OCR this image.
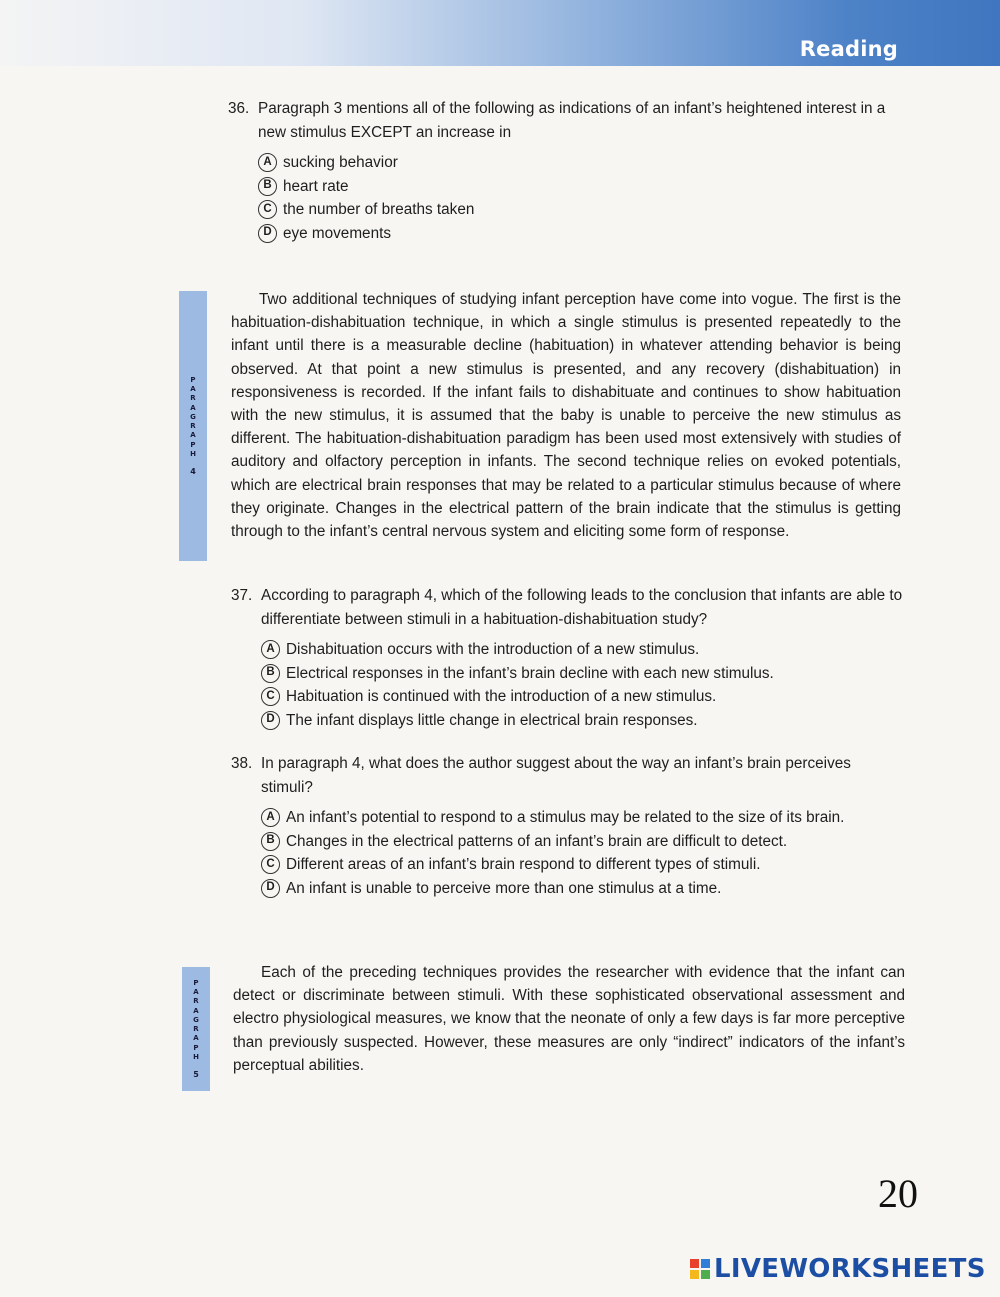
Reading
36. Paragraph 3 mentions all of the following as indications of an infant’s heightened interest in a new stimulus EXCEPT an increase in
A sucking behavior
B heart rate
C the number of breaths taken
D eye movements
P
A
R
A
G
R
A
P
H
4

Two additional techniques of studying infant perception have come into vogue. The first is the habituation-dishabituation technique, in which a single stimulus is presented repeatedly to the infant until there is a measurable decline (habituation) in whatever attending behavior is being observed. At that point a new stimulus is presented, and any recovery (dishabituation) in responsiveness is recorded. If the infant fails to dishabituate and continues to show habituation with the new stimulus, it is assumed that the baby is unable to perceive the new stimulus as different. The habituation-dishabituation paradigm has been used most extensively with studies of auditory and olfactory perception in infants. The second technique relies on evoked potentials, which are electrical brain responses that may be related to a particular stimulus because of where they originate. Changes in the electrical pattern of the brain indicate that the stimulus is getting through to the infant’s central nervous system and eliciting some form of response.

37. According to paragraph 4, which of the following leads to the conclusion that infants are able to differentiate between stimuli in a habituation-dishabituation study?
A Dishabituation occurs with the introduction of a new stimulus.
B Electrical responses in the infant’s brain decline with each new stimulus.
C Habituation is continued with the introduction of a new stimulus.
D The infant displays little change in electrical brain responses.
38. In paragraph 4, what does the author suggest about the way an infant’s brain perceives stimuli?
A An infant’s potential to respond to a stimulus may be related to the size of its brain.
B Changes in the electrical patterns of an infant’s brain are difficult to detect.
C Different areas of an infant’s brain respond to different types of stimuli.
D An infant is unable to perceive more than one stimulus at a time.
P
A
R
A
G
R
A
P
H
5

Each of the preceding techniques provides the researcher with evidence that the infant can detect or discriminate between stimuli. With these sophisticated observational assessment and electro physiological measures, we know that the neonate of only a few days is far more perceptive than previously suspected. However, these measures are only “indirect” indicators of the infant’s perceptual abilities.

20
LIVEWORKSHEETS
